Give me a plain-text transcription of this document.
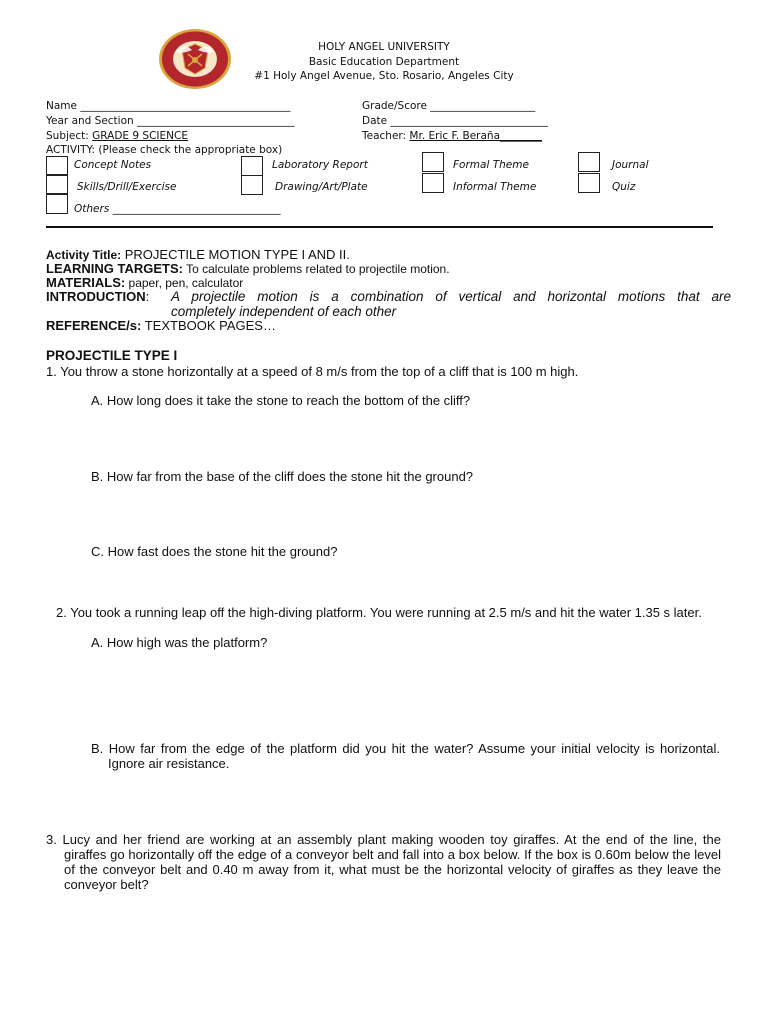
HOLY ANGEL UNIVERSITY
Basic Education Department
#1 Holy Angel Avenue, Sto. Rosario, Angeles City
Name ________________________________________	Grade/Score ____________________
Year and Section ______________________________	Date ______________________________
Subject: GRADE 9 SCIENCE	Teacher: Mr. Eric F. Beraña________
ACTIVITY: (Please check the appropriate box)
Concept Notes
Skills/Drill/Exercise
Others ________________________________
Laboratory Report
Drawing/Art/Plate
Formal Theme
Informal Theme
Journal
Quiz
Activity Title: PROJECTILE MOTION TYPE I AND II.
LEARNING TARGETS: To calculate problems related to projectile motion.
MATERIALS: paper, pen, calculator
INTRODUCTION: A projectile motion is a combination of vertical and horizontal motions that are
completely independent of each other
REFERENCE/s: TEXTBOOK PAGES…
PROJECTILE TYPE I
1. You throw a stone horizontally at a speed of 8 m/s from the top of a cliff that is 100 m high.
A. How long does it take the stone to reach the bottom of the cliff?
B. How far from the base of the cliff does the stone hit the ground?
C. How fast does the stone hit the ground?
2. You took a running leap off the high-diving platform. You were running at 2.5 m/s and hit the water 1.35 s later.
A. How high was the platform?
B. How far from the edge of the platform did you hit the water? Assume your initial velocity is horizontal. Ignore air resistance.
3. Lucy and her friend are working at an assembly plant making wooden toy giraffes. At the end of the line, the giraffes go horizontally off the edge of a conveyor belt and fall into a box below. If the box is 0.60m below the level of the conveyor belt and 0.40 m away from it, what must be the horizontal velocity of giraffes as they leave the conveyor belt?
